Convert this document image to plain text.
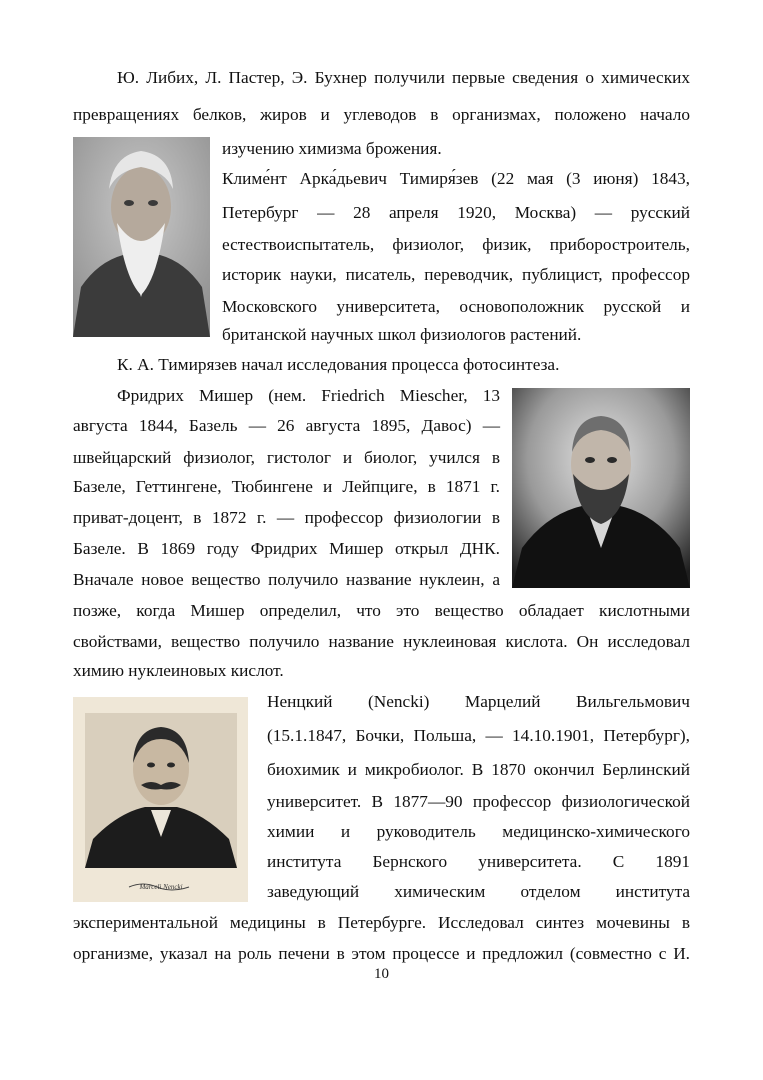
Ю. Либих, Л. Пастер, Э. Бухнер получили первые сведения о химических
превращениях белков, жиров и углеводов в организмах, положено начало
изучению химизма брожения.
Климе́нт Арка́дьевич Тимиря́зев (22 мая (3 июня) 1843,
Петербург — 28 апреля 1920, Москва) — русский
естествоиспытатель, физиолог, физик, приборостроитель,
историк науки, писатель, переводчик, публицист, профессор
Московского университета, основоположник русской и
британской научных школ физиологов растений.
К. А. Тимирязев начал исследования процесса фотосинтеза.
Фридрих Мишер (нем. Friedrich Miescher, 13
августа 1844, Базель — 26 августа 1895, Давос) —
швейцарский физиолог, гистолог и биолог, учился в
Базеле, Геттингене, Тюбингене и Лейпциге, в 1871 г.
приват-доцент, в 1872 г. — профессор физиологии в
Базеле. В 1869 году Фридрих Мишер открыл ДНК.
Вначале новое вещество получило название нуклеин, а
позже, когда Мишер определил, что это вещество обладает кислотными
свойствами, вещество получило название нуклеиновая кислота. Он исследовал
химию нуклеиновых кислот.
Marceli Nencki
Ненцкий (Nencki) Марцелий Вильгельмович
(15.1.1847, Бочки, Польша, — 14.10.1901, Петербург),
биохимик и микробиолог. В 1870 окончил Берлинский
университет. В 1877—90 профессор физиологической
химии и руководитель медицинско-химического
института Бернского университета. С 1891
заведующий химическим отделом института
экспериментальной медицины в Петербурге. Исследовал синтез мочевины в
организме, указал на роль печени в этом процессе и предложил (совместно с И.
10
